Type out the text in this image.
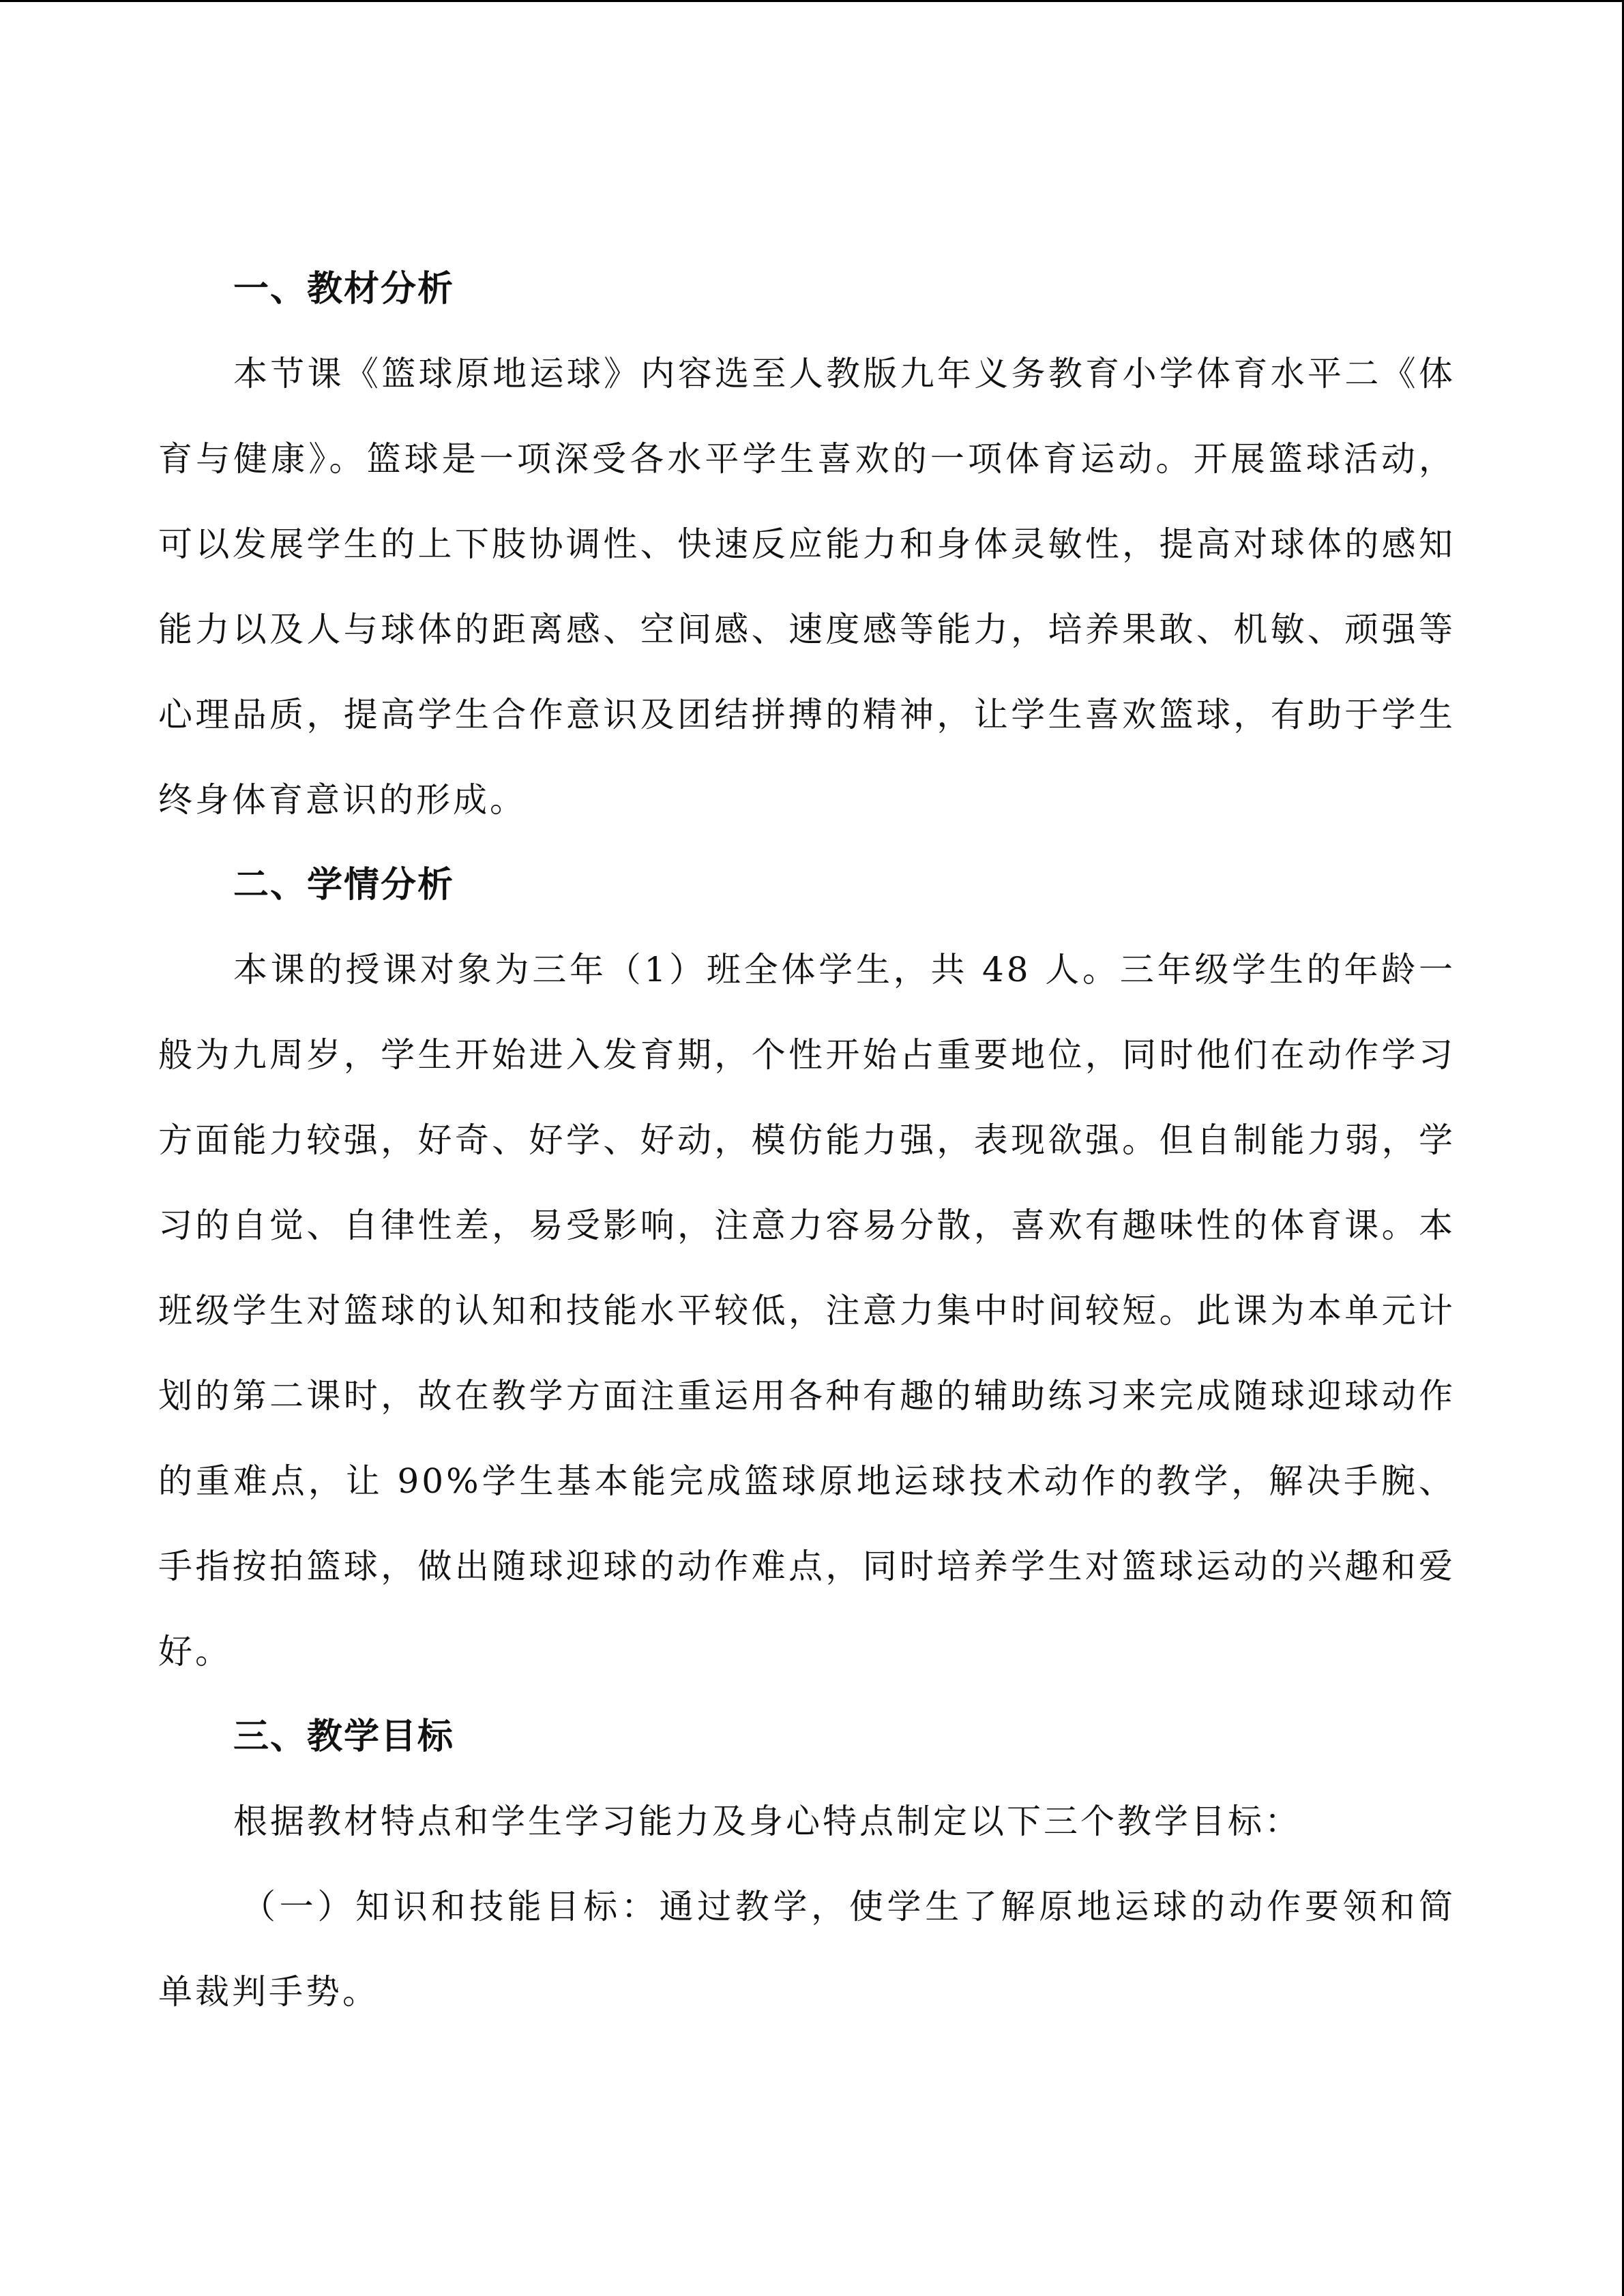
一、教材分析

本节课《篮球原地运球》内容选至人教版九年义务教育小学体育水平二《体育与健康》。篮球是一项深受各水平学生喜欢的一项体育运动。开展篮球活动，可以发展学生的上下肢协调性、快速反应能力和身体灵敏性，提高对球体的感知能力以及人与球体的距离感、空间感、速度感等能力，培养果敢、机敏、顽强等心理品质，提高学生合作意识及团结拼搏的精神，让学生喜欢篮球，有助于学生终身体育意识的形成。

二、学情分析

本课的授课对象为三年（1）班全体学生，共 48 人。三年级学生的年龄一般为九周岁，学生开始进入发育期，个性开始占重要地位，同时他们在动作学习方面能力较强，好奇、好学、好动，模仿能力强，表现欲强。但自制能力弱，学习的自觉、自律性差，易受影响，注意力容易分散，喜欢有趣味性的体育课。本班级学生对篮球的认知和技能水平较低，注意力集中时间较短。此课为本单元计划的第二课时，故在教学方面注重运用各种有趣的辅助练习来完成随球迎球动作的重难点，让 90%学生基本能完成篮球原地运球技术动作的教学，解决手腕、手指按拍篮球，做出随球迎球的动作难点，同时培养学生对篮球运动的兴趣和爱好。

三、教学目标

根据教材特点和学生学习能力及身心特点制定以下三个教学目标：

（一）知识和技能目标：通过教学，使学生了解原地运球的动作要领和简单裁判手势。
